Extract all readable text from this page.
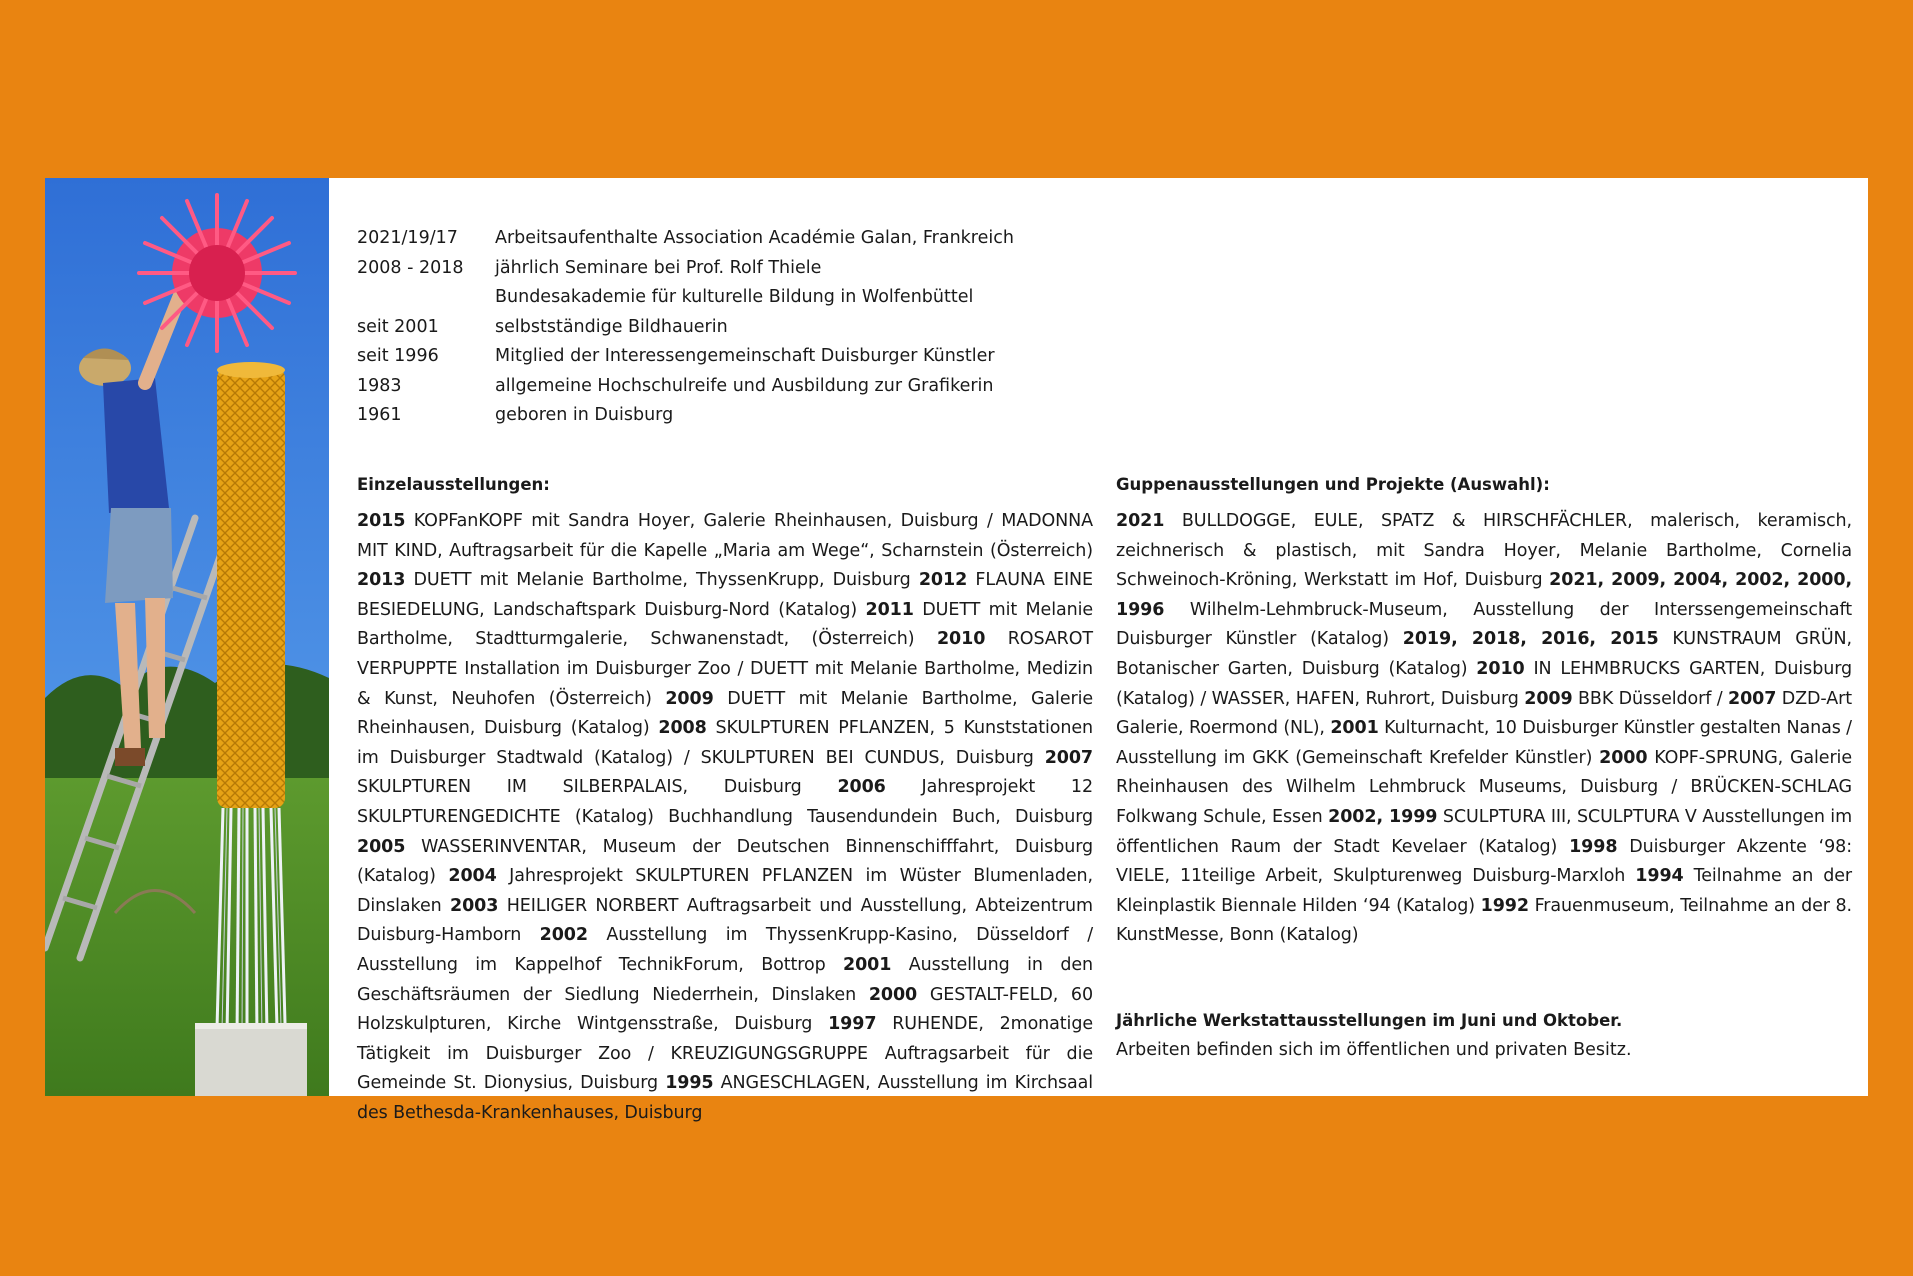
2021/19/17	Arbeitsaufenthalte Association Académie Galan, Frankreich
2008 - 2018	jährlich Seminare bei Prof. Rolf Thiele
Bundesakademie für kulturelle Bildung in Wolfenbüttel
seit 2001	selbstständige Bildhauerin
seit 1996	Mitglied der Interessengemeinschaft Duisburger Künstler
1983	allgemeine Hochschulreife und Ausbildung zur Grafikerin
1961	geboren in Duisburg
Einzelausstellungen:

2015 KOPFanKOPF mit Sandra Hoyer, Galerie Rheinhausen, Duisburg / MADONNA MIT KIND, Auftragsarbeit für die Kapelle „Maria am Wege“, Scharnstein (Österreich) 2013 DUETT mit Melanie Bartholme, ThyssenKrupp, Duisburg 2012 FLAUNA EINE BESIEDELUNG, Landschaftspark Duisburg-Nord (Katalog) 2011 DUETT mit Melanie Bartholme, Stadtturmgalerie, Schwanenstadt, (Österreich) 2010 ROSAROT VERPUPPTE Installation im Duisburger Zoo / DUETT mit Melanie Bartholme, Medizin & Kunst, Neuhofen (Österreich) 2009 DUETT mit Melanie Bartholme, Galerie Rheinhausen, Duisburg (Katalog) 2008 SKULPTUREN PFLANZEN, 5 Kunststationen im Duisburger Stadtwald (Katalog) / SKULPTUREN BEI CUNDUS, Duisburg 2007 SKULPTUREN IM SILBERPALAIS, Duisburg 2006 Jahresprojekt 12 SKULPTURENGEDICHTE (Katalog) Buchhandlung Tausendundein Buch, Duisburg 2005 WASSERINVENTAR, Museum der Deutschen Binnenschifffahrt, Duisburg (Katalog) 2004 Jahresprojekt SKULPTUREN PFLANZEN im Wüster Blumenladen, Dinslaken 2003 HEILIGER NORBERT Auftragsarbeit und Ausstellung, Abteizentrum Duisburg-Hamborn 2002 Ausstellung im ThyssenKrupp-Kasino, Düsseldorf / Ausstellung im Kappelhof TechnikForum, Bottrop 2001 Ausstellung in den Geschäftsräumen der Siedlung Niederrhein, Dinslaken 2000 GESTALT-FELD, 60 Holzskulpturen, Kirche Wintgensstraße, Duisburg 1997 RUHENDE, 2monatige Tätigkeit im Duisburger Zoo / KREUZIGUNGSGRUPPE Auftragsarbeit für die Gemeinde St. Dionysius, Duisburg 1995 ANGESCHLAGEN, Ausstellung im Kirchsaal des Bethesda-Krankenhauses, Duisburg

Guppenausstellungen und Projekte (Auswahl):

2021 BULLDOGGE, EULE, SPATZ & HIRSCHFÄCHLER, malerisch, keramisch, zeichnerisch & plastisch, mit Sandra Hoyer, Melanie Bartholme, Cornelia Schweinoch-Kröning, Werkstatt im Hof, Duisburg 2021, 2009, 2004, 2002, 2000, 1996 Wilhelm-Lehmbruck-Museum, Ausstellung der Interssengemeinschaft Duisburger Künstler (Katalog) 2019, 2018, 2016, 2015 KUNSTRAUM GRÜN, Botanischer Garten, Duisburg (Katalog) 2010 IN LEHMBRUCKS GARTEN, Duisburg (Katalog) / WASSER, HAFEN, Ruhrort, Duisburg 2009 BBK Düsseldorf / 2007 DZD-Art Galerie, Roermond (NL), 2001 Kulturnacht, 10 Duisburger Künstler gestalten Nanas / Ausstellung im GKK (Gemeinschaft Krefelder Künstler) 2000 KOPF-SPRUNG, Galerie Rheinhausen des Wilhelm Lehmbruck Museums, Duisburg / BRÜCKEN-SCHLAG Folkwang Schule, Essen 2002, 1999 SCULPTURA III, SCULPTURA V Ausstellungen im öffentlichen Raum der Stadt Kevelaer (Katalog) 1998 Duisburger Akzente ‘98: VIELE, 11teilige Arbeit, Skulpturenweg Duisburg-Marxloh 1994 Teilnahme an der Kleinplastik Biennale Hilden ‘94 (Katalog) 1992 Frauenmuseum, Teilnahme an der 8. KunstMesse, Bonn (Katalog)

Jährliche Werkstattausstellungen im Juni und Oktober.
Arbeiten befinden sich im öffentlichen und privaten Besitz.
